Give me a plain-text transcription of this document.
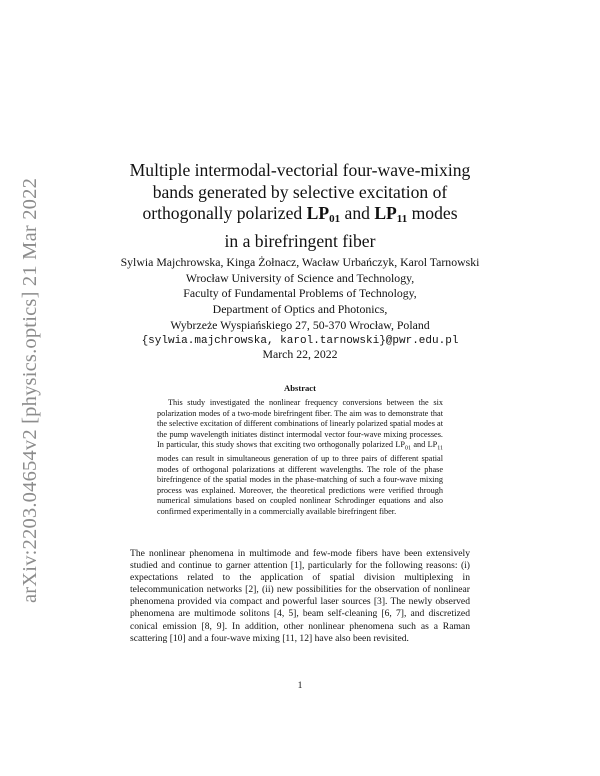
arXiv:2203.04654v2 [physics.optics] 21 Mar 2022
Multiple intermodal-vectorial four-wave-mixing
bands generated by selective excitation of
orthogonally polarized $LP_{01}$ and $LP_{11}$ modes
in a birefringent fiber
Sylwia Majchrowska, Kinga Żołnacz, Wacław Urbańczyk, Karol Tarnowski
Wrocław University of Science and Technology,
Faculty of Fundamental Problems of Technology,
Department of Optics and Photonics,
Wybrzeże Wyspiańskiego 27, 50-370 Wrocław, Poland
{sylwia.majchrowska, karol.tarnowski}@pwr.edu.pl
March 22, 2022
Abstract
This study investigated the nonlinear frequency conversions between the six polarization modes of a two-mode birefringent fiber. The aim was to demonstrate that the selective excitation of different combinations of linearly polarized spatial modes at the pump wavelength initiates distinct intermodal vector four-wave mixing processes. In particular, this study shows that exciting two orthogonally polarized $LP_{01}$ and $LP_{11}$ modes can result in simultaneous generation of up to three pairs of different spatial modes of orthogonal polarizations at different wavelengths. The role of the phase birefringence of the spatial modes in the phase-matching of such a four-wave mixing process was explained. Moreover, the theoretical predictions were verified through numerical simulations based on coupled nonlinear Schrodinger equations and also confirmed experimentally in a commercially available birefringent fiber.
The nonlinear phenomena in multimode and few-mode fibers have been extensively studied and continue to garner attention [1], particularly for the following reasons: (i) expectations related to the application of spatial division multiplexing in telecommunication networks [2], (ii) new possibilities for the observation of nonlinear phenomena provided via compact and powerful laser sources [3]. The newly observed phenomena are multimode solitons [4, 5], beam self-cleaning [6, 7], and discretized conical emission [8, 9]. In addition, other nonlinear phenomena such as a Raman scattering [10] and a four-wave mixing [11, 12] have also been revisited.
1
